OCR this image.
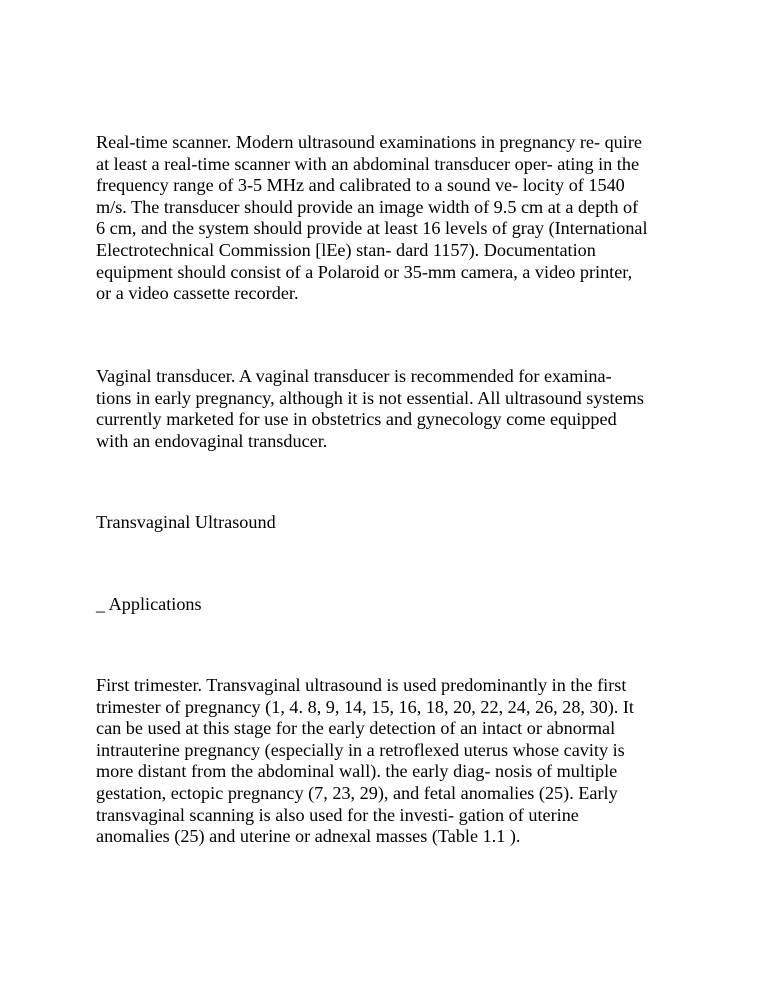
Real-time scanner. Modern ultrasound examinations in pregnancy re- quire
at least a real-time scanner with an abdominal transducer oper- ating in the
frequency range of 3-5 MHz and calibrated to a sound ve- locity of 1540
m/s. The transducer should provide an image width of 9.5 cm at a depth of
6 cm, and the system should provide at least 16 levels of gray (International
Electrotechnical Commission [lEe) stan- dard 1157). Documentation
equipment should consist of a Polaroid or 35-mm camera, a video printer,
or a video cassette recorder.

Vaginal transducer. A vaginal transducer is recommended for examina-
tions in early pregnancy, although it is not essential. All ultrasound systems
currently marketed for use in obstetrics and gynecology come equipped
with an endovaginal transducer.

Transvaginal Ultrasound
_ Applications

First trimester. Transvaginal ultrasound is used predominantly in the first
trimester of pregnancy (1, 4. 8, 9, 14, 15, 16, 18, 20, 22, 24, 26, 28, 30). It
can be used at this stage for the early detection of an intact or abnormal
intrauterine pregnancy (especially in a retroflexed uterus whose cavity is
more distant from the abdominal wall). the early diag- nosis of multiple
gestation, ectopic pregnancy (7, 23, 29), and fetal anomalies (25). Early
transvaginal scanning is also used for the investi- gation of uterine
anomalies (25) and uterine or adnexal masses (Table 1.1 ).
